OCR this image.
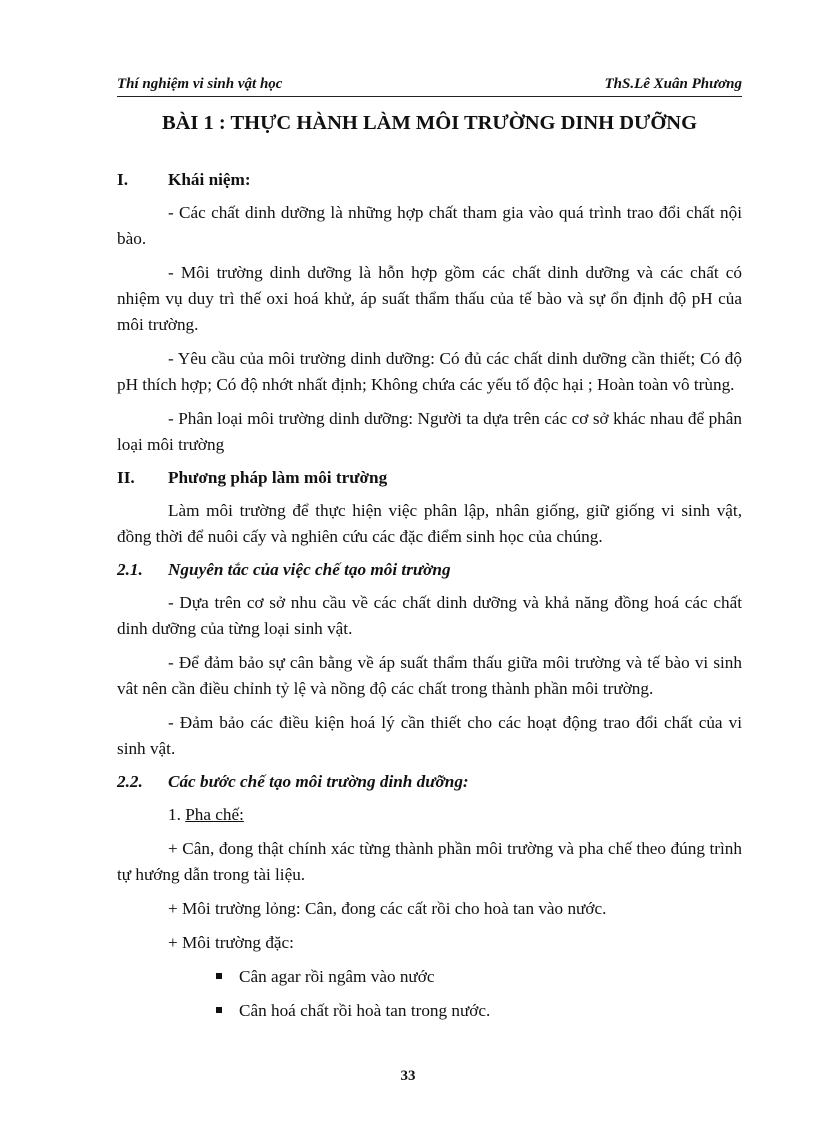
Thí nghiệm vi sinh vật học	ThS.Lê Xuân Phương
BÀI 1 : THỰC HÀNH LÀM MÔI TRƯỜNG DINH DƯỠNG
I.	Khái niệm:

- Các chất dinh dưỡng là những hợp chất tham gia vào quá trình trao đổi chất nội bào.

- Môi trường dinh dưỡng là hỗn hợp gồm các chất dinh dưỡng và các chất có nhiệm vụ duy trì thế oxi hoá khử, áp suất thẩm thấu của tế bào và sự ổn định độ pH của môi trường.

- Yêu cầu của môi trường dinh dưỡng: Có đủ các chất dinh dưỡng cần thiết; Có độ pH thích hợp; Có độ nhớt nhất định; Không chứa các yếu tố độc hại ; Hoàn toàn vô trùng.

- Phân loại môi trường dinh dưỡng: Người ta dựa trên các cơ sở khác nhau để phân loại môi trường

II.	Phương pháp làm môi trường

Làm môi trường để thực hiện việc phân lập, nhân giống, giữ giống vi sinh vật, đồng thời để nuôi cấy và nghiên cứu các đặc điểm sinh học của chúng.

2.1.	Nguyên tắc của việc chế tạo môi trường

- Dựa trên cơ sở nhu cầu về các chất dinh dưỡng và khả năng đồng hoá các chất dinh dưỡng của từng loại sinh vật.

- Để đảm bảo sự cân bằng về áp suất thẩm thấu giữa môi trường và tế bào vi sinh vât nên cần điều chỉnh tỷ lệ và nồng độ các chất trong thành phần môi trường.

- Đảm bảo các điều kiện hoá lý cần thiết cho các hoạt động trao đổi chất của vi sinh vật.

2.2.	Các bước chế tạo môi trường dinh dưỡng:
1. Pha chế:

+ Cân, đong thật chính xác từng thành phần môi trường và pha chế theo đúng trình tự hướng dẫn trong tài liệu.

+ Môi trường lỏng: Cân, đong các cất rồi cho hoà tan vào nước.

+ Môi trường đặc:

Cân agar rồi ngâm vào nước
Cân hoá chất rồi hoà tan trong nước.
33
